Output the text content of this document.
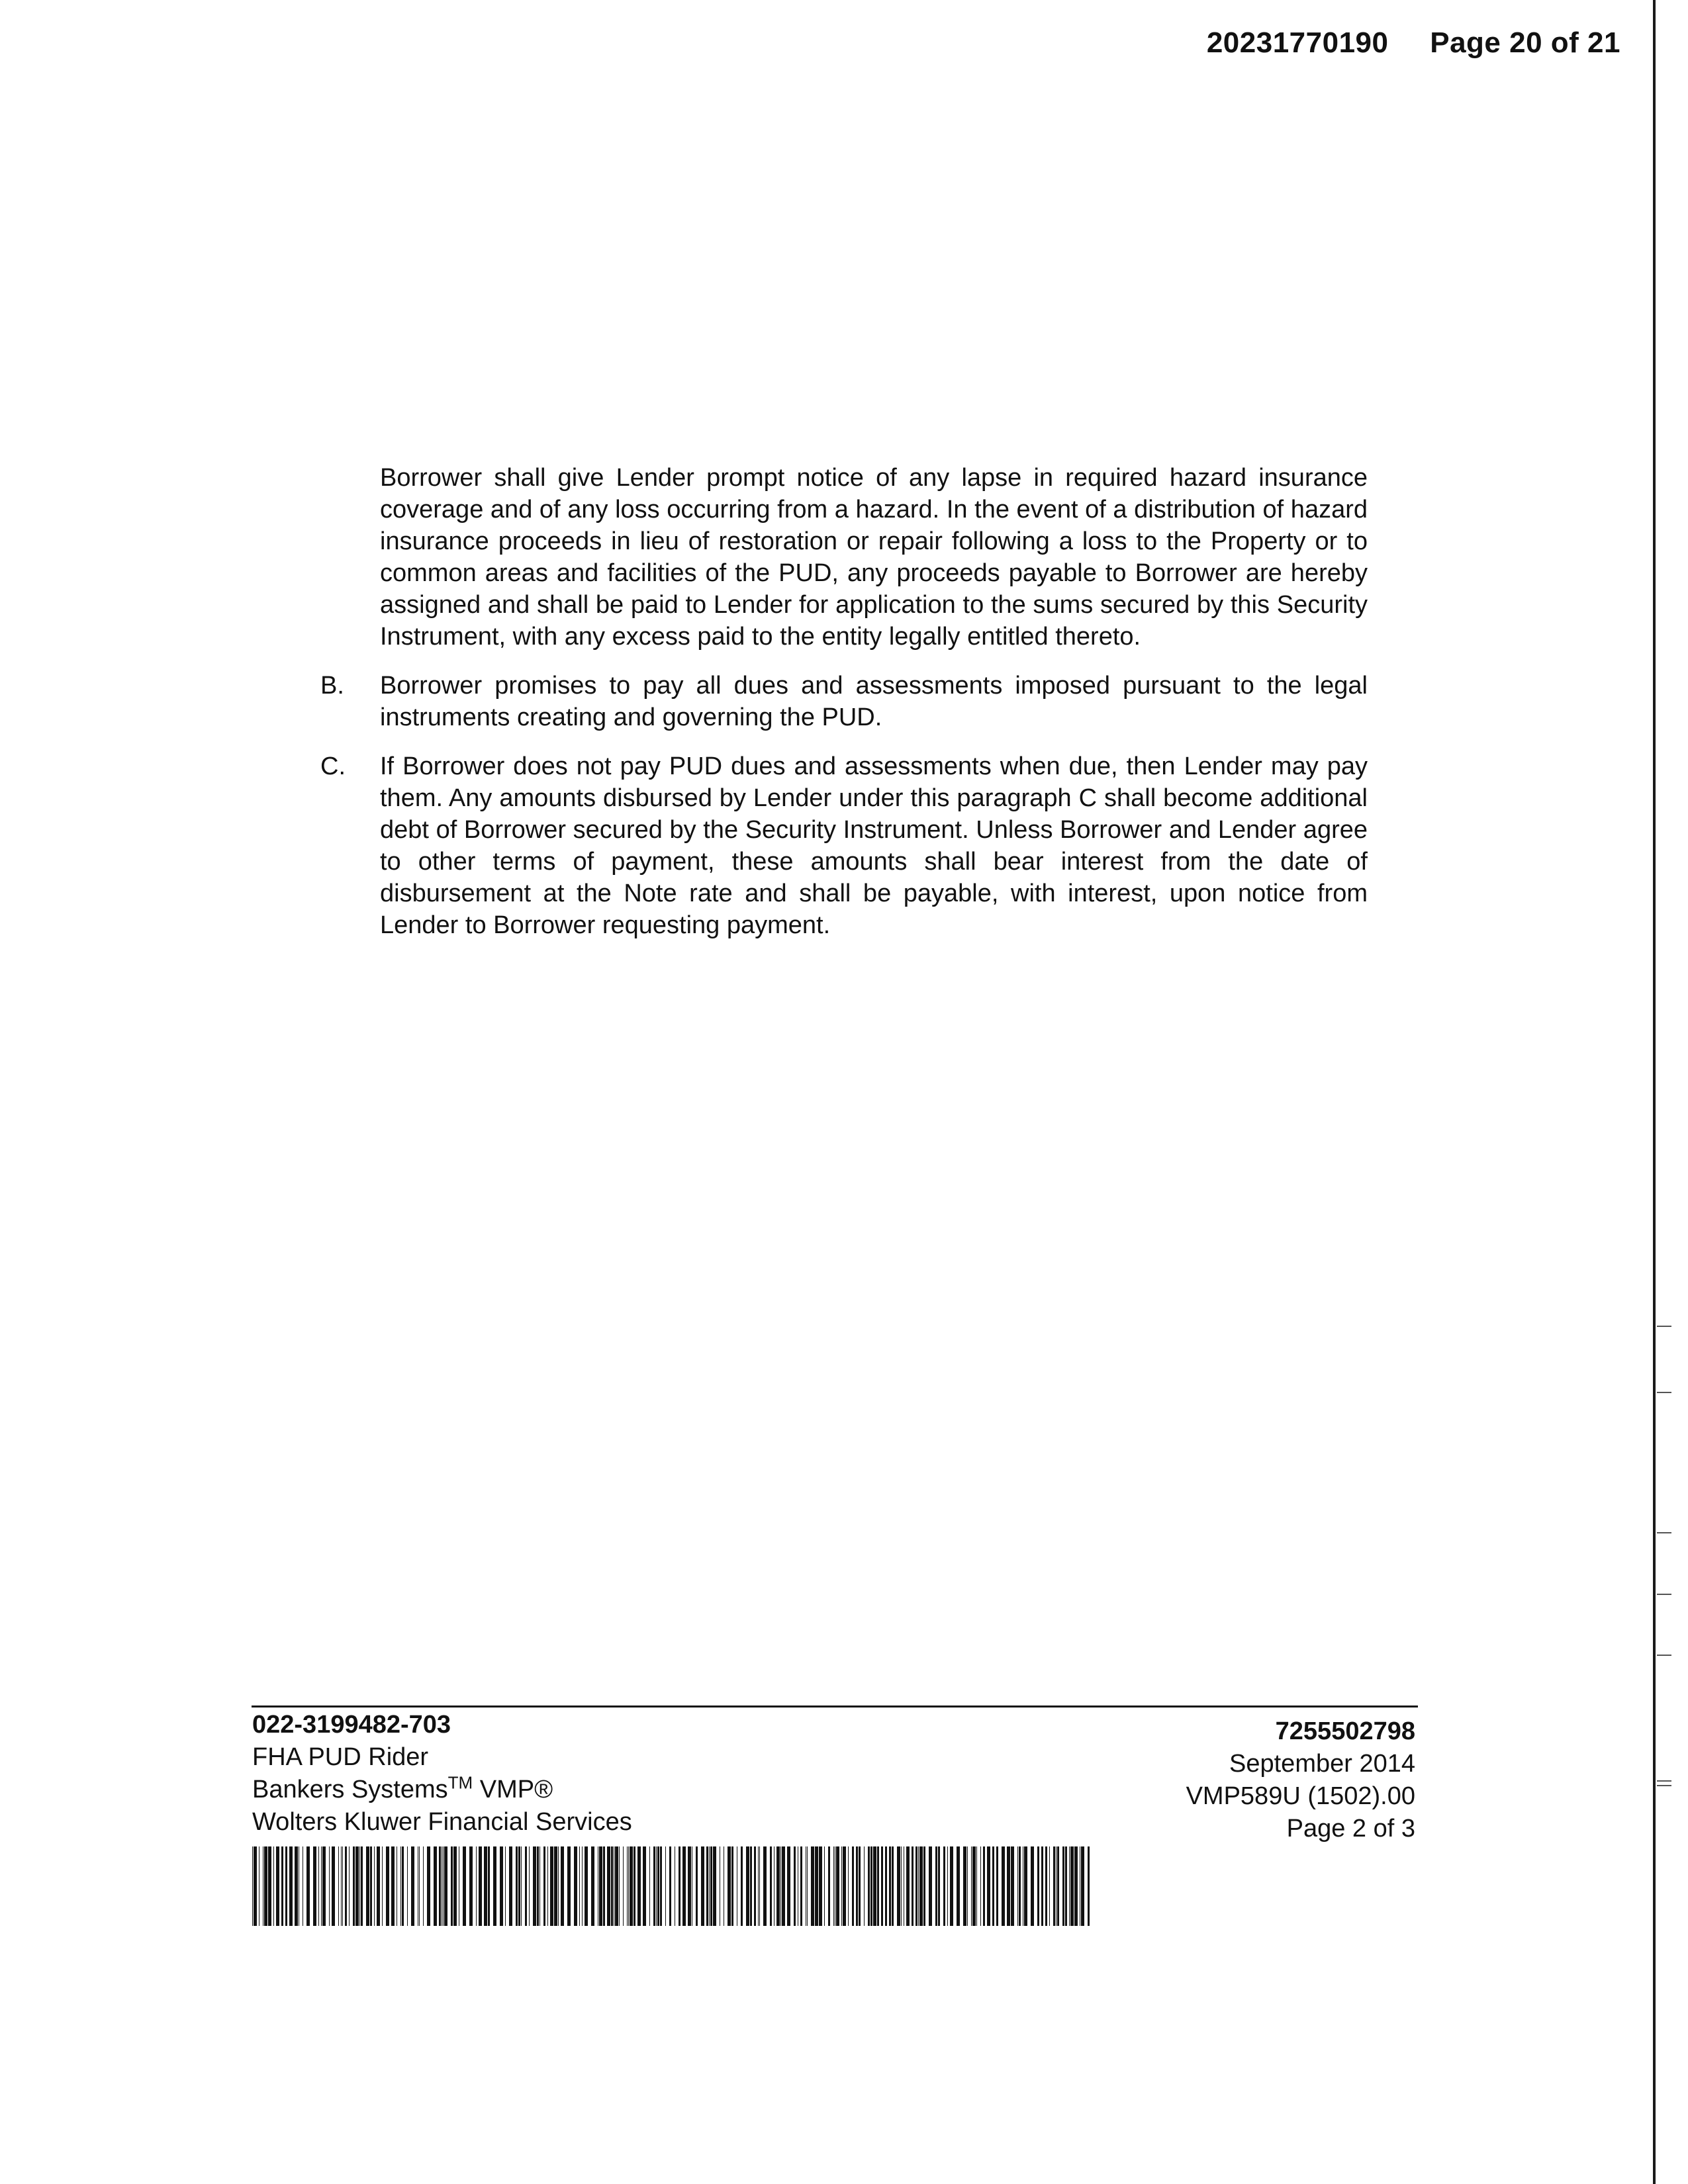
20231770190 Page 20 of 21

Borrower shall give Lender prompt notice of any lapse in required hazard insurance coverage and of any loss occurring from a hazard. In the event of a distribution of hazard insurance proceeds in lieu of restoration or repair following a loss to the Property or to common areas and facilities of the PUD, any proceeds payable to Borrower are hereby assigned and shall be paid to Lender for application to the sums secured by this Security Instrument, with any excess paid to the entity legally entitled thereto.

B. Borrower promises to pay all dues and assessments imposed pursuant to the legal instruments creating and governing the PUD.

C. If Borrower does not pay PUD dues and assessments when due, then Lender may pay them. Any amounts disbursed by Lender under this paragraph C shall become additional debt of Borrower secured by the Security Instrument. Unless Borrower and Lender agree to other terms of payment, these amounts shall bear interest from the date of disbursement at the Note rate and shall be payable, with interest, upon notice from Lender to Borrower requesting payment.

022-3199482-703
FHA PUD Rider
Bankers Systems™ VMP®
Wolters Kluwer Financial Services
7255502798
September 2014
VMP589U (1502).00
Page 2 of 3
